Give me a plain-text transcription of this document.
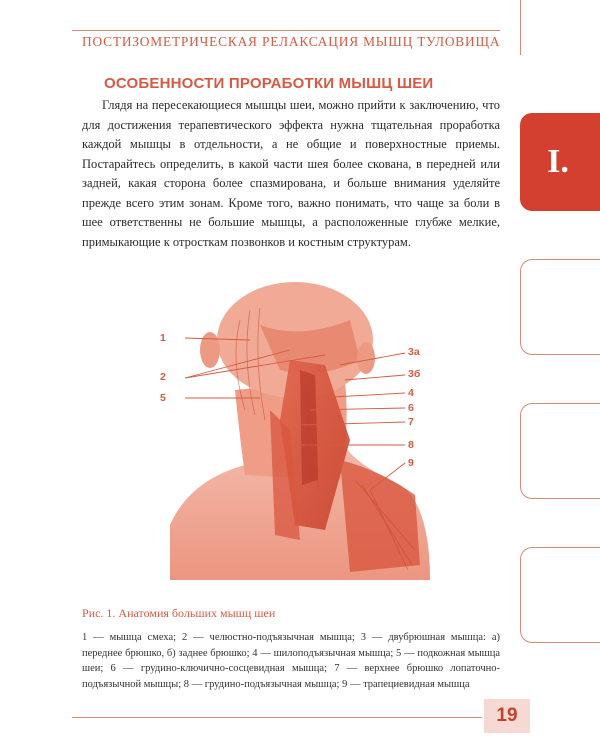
ПОСТИЗОМЕТРИЧЕСКАЯ РЕЛАКСАЦИЯ МЫШЦ ТУЛОВИЩА
ОСОБЕННОСТИ ПРОРАБОТКИ МЫШЦ ШЕИ
Глядя на пересекающиеся мышцы шеи, можно прийти к заключению, что для достижения терапевтического эффекта нужна тщательная проработка каждой мышцы в отдельности, а не общие и поверхностные приемы. Постарайтесь определить, в какой части шея более скована, в передней или задней, какая сторона более спазмирована, и больше внимания уделяйте прежде всего этим зонам. Кроме того, важно понимать, что чаще за боли в шее ответственны не большие мышцы, а расположенные глубже мелкие, примыкающие к отросткам позвонков и костным структурам.
I.
1
2
5
3а
3б
4
6
7
8
9
Рис. 1. Анатомия больших мышц шеи
1 — мышца смеха; 2 — челюстно-подъязычная мышца; 3 — двубрюшная мышца: а) переднее брюшко, б) заднее брюшко; 4 — шилоподъязычная мышца; 5 — подкожная мышца шеи; 6 — грудино-ключично-сосцевидная мышца; 7 — верхнее брюшко лопаточно-подъязычной мышцы; 8 — грудино-подъязычная мышца; 9 — трапециевидная мышца
19
